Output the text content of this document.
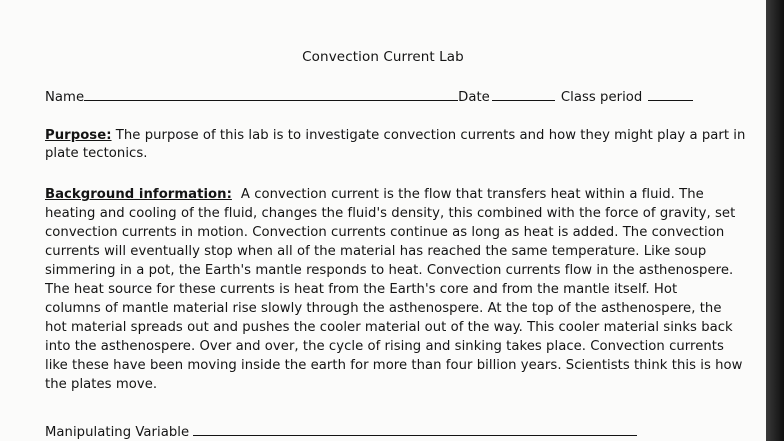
Convection Current Lab
Name	Date	Class period
Purpose: The purpose of this lab is to investigate convection currents and how they might play a part in
plate tectonics.
Background information: A convection current is the flow that transfers heat within a fluid. The
heating and cooling of the fluid, changes the fluid's density, this combined with the force of gravity, set
convection currents in motion. Convection currents continue as long as heat is added. The convection
currents will eventually stop when all of the material has reached the same temperature. Like soup
simmering in a pot, the Earth's mantle responds to heat. Convection currents flow in the asthenospere.
The heat source for these currents is heat from the Earth's core and from the mantle itself. Hot
columns of mantle material rise slowly through the asthenospere. At the top of the asthenospere, the
hot material spreads out and pushes the cooler material out of the way. This cooler material sinks back
into the asthenospere. Over and over, the cycle of rising and sinking takes place. Convection currents
like these have been moving inside the earth for more than four billion years. Scientists think this is how
the plates move.
Manipulating Variable
